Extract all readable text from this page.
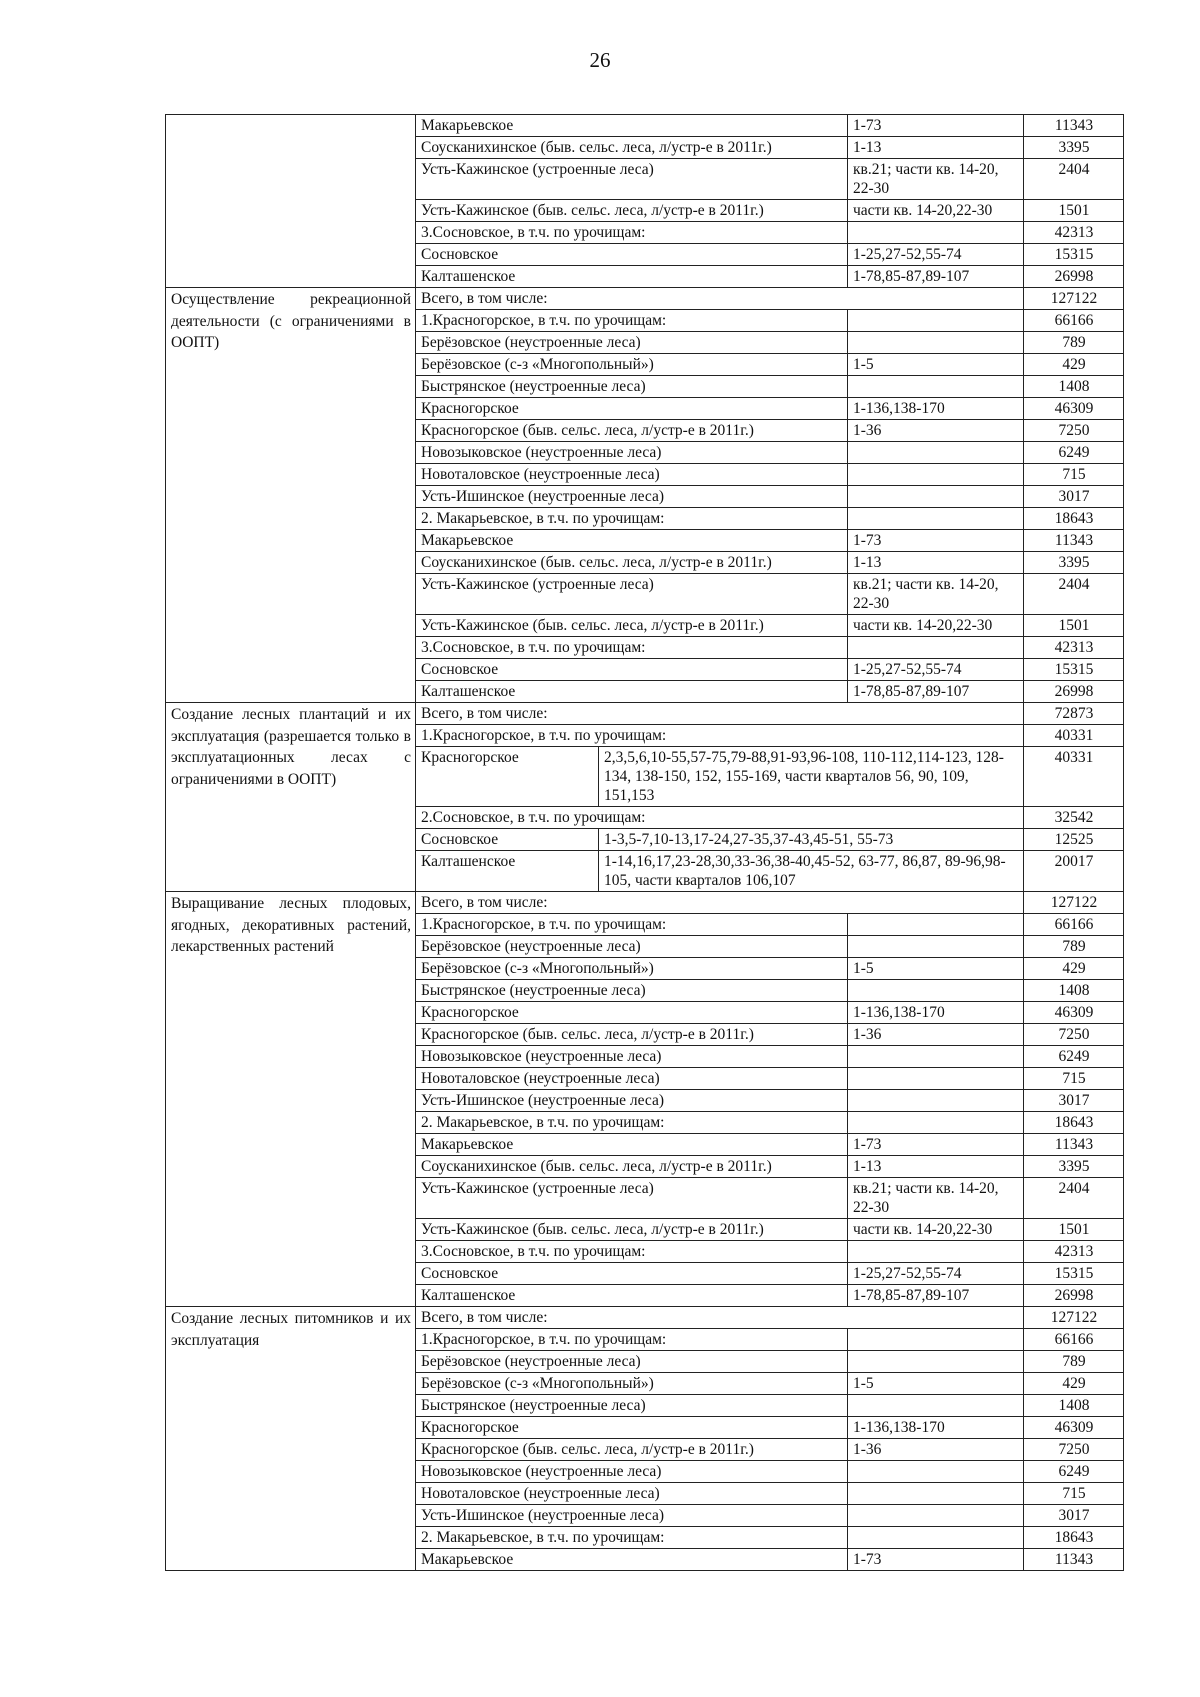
26
	Макарьевское		1-73	11343
	Соусканихинское (быв. сельс. леса, л/устр-е в 2011г.)		1-13	3395
	Усть-Кажинское (устроенные леса)		кв.21; части кв. 14-20, 22-30	2404
	Усть-Кажинское (быв. сельс. леса, л/устр-е в 2011г.)		части кв. 14-20,22-30	1501
	3.Сосновское, в т.ч. по урочищам:			42313
	Сосновское		1-25,27-52,55-74	15315
	Калташенское		1-78,85-87,89-107	26998
Осуществление рекреационной деятельности (с ограничениями в ООПТ)	Всего, в том числе:			127122
	1.Красногорское, в т.ч. по урочищам:			66166
	Берёзовское (неустроенные леса)			789
	Берёзовское (с-з «Многопольный»)		1-5	429
	Быстрянское (неустроенные леса)			1408
	Красногорское		1-136,138-170	46309
	Красногорское (быв. сельс. леса, л/устр-е в 2011г.)		1-36	7250
	Новозыковское (неустроенные леса)			6249
	Новоталовское (неустроенные леса)			715
	Усть-Ишинское (неустроенные леса)			3017
	2. Макарьевское, в т.ч. по урочищам:			18643
	Макарьевское		1-73	11343
	Соусканихинское (быв. сельс. леса, л/устр-е в 2011г.)		1-13	3395
	Усть-Кажинское (устроенные леса)		кв.21; части кв. 14-20, 22-30	2404
	Усть-Кажинское (быв. сельс. леса, л/устр-е в 2011г.)		части кв. 14-20,22-30	1501
	3.Сосновское, в т.ч. по урочищам:			42313
	Сосновское		1-25,27-52,55-74	15315
	Калташенское		1-78,85-87,89-107	26998
Создание лесных плантаций и их эксплуатация (разрешается только в эксплуатационных лесах с ограничениями в ООПТ)	Всего, в том числе:			72873
	1.Красногорское, в т.ч. по урочищам:			40331
	Красногорское	2,3,5,6,10-55,57-75,79-88,91-93,96-108, 110-112,114-123, 128-134, 138-150, 152, 155-169, части кварталов 56, 90, 109, 151,153		40331
	2.Сосновское, в т.ч. по урочищам:			32542
	Сосновское	1-3,5-7,10-13,17-24,27-35,37-43,45-51, 55-73		12525
	Калташенское	1-14,16,17,23-28,30,33-36,38-40,45-52, 63-77, 86,87, 89-96,98-105, части кварталов 106,107		20017
Выращивание лесных плодовых, ягодных, декоративных растений, лекарственных растений	Всего, в том числе:			127122
	1.Красногорское, в т.ч. по урочищам:			66166
	Берёзовское (неустроенные леса)			789
	Берёзовское (с-з «Многопольный»)		1-5	429
	Быстрянское (неустроенные леса)			1408
	Красногорское		1-136,138-170	46309
	Красногорское (быв. сельс. леса, л/устр-е в 2011г.)		1-36	7250
	Новозыковское (неустроенные леса)			6249
	Новоталовское (неустроенные леса)			715
	Усть-Ишинское (неустроенные леса)			3017
	2. Макарьевское, в т.ч. по урочищам:			18643
	Макарьевское		1-73	11343
	Соусканихинское (быв. сельс. леса, л/устр-е в 2011г.)		1-13	3395
	Усть-Кажинское (устроенные леса)		кв.21; части кв. 14-20, 22-30	2404
	Усть-Кажинское (быв. сельс. леса, л/устр-е в 2011г.)		части кв. 14-20,22-30	1501
	3.Сосновское, в т.ч. по урочищам:			42313
	Сосновское		1-25,27-52,55-74	15315
	Калташенское		1-78,85-87,89-107	26998
Создание лесных питомников и их эксплуатация	Всего, в том числе:			127122
	1.Красногорское, в т.ч. по урочищам:			66166
	Берёзовское (неустроенные леса)			789
	Берёзовское (с-з «Многопольный»)		1-5	429
	Быстрянское (неустроенные леса)			1408
	Красногорское		1-136,138-170	46309
	Красногорское (быв. сельс. леса, л/устр-е в 2011г.)		1-36	7250
	Новозыковское (неустроенные леса)			6249
	Новоталовское (неустроенные леса)			715
	Усть-Ишинское (неустроенные леса)			3017
	2. Макарьевское, в т.ч. по урочищам:			18643
	Макарьевское		1-73	11343
